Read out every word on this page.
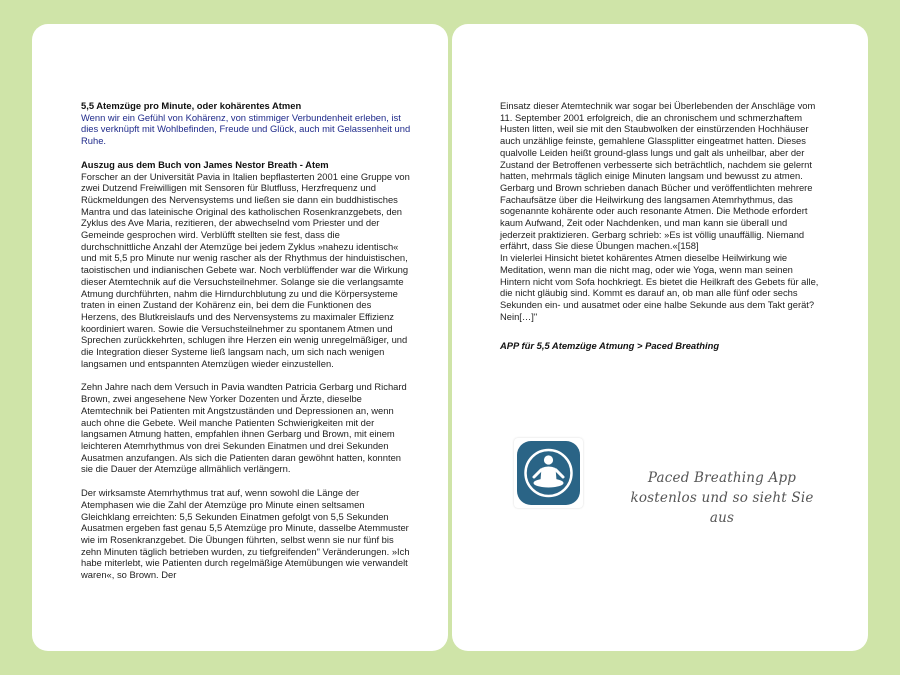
5,5 Atemzüge pro Minute, oder kohärentes Atmen

Wenn wir ein Gefühl von Kohärenz, von stimmiger Verbundenheit erleben, ist dies verknüpft mit Wohlbefinden, Freude und Glück, auch mit Gelassenheit und Ruhe.

Auszug aus dem Buch von James Nestor Breath - Atem

Forscher an der Universität Pavia in Italien bepflasterten 2001 eine Gruppe von zwei Dutzend Freiwilligen mit Sensoren für Blutfluss, Herzfrequenz und Rückmeldungen des Nervensystems und ließen sie dann ein buddhistisches Mantra und das lateinische Original des katholischen Rosenkranzgebets, den Zyklus des Ave Maria, rezitieren, der abwechselnd vom Priester und der Gemeinde gesprochen wird. Verblüfft stellten sie fest, dass die durchschnittliche Anzahl der Atemzüge bei jedem Zyklus »nahezu identisch« und mit 5,5 pro Minute nur wenig rascher als der Rhythmus der hinduistischen, taoistischen und indianischen Gebete war. Noch verblüffender war die Wirkung dieser Atemtechnik auf die Versuchsteilnehmer. Solange sie die verlangsamte Atmung durchführten, nahm die Hirndurchblutung zu und die Körpersysteme traten in einen Zustand der Kohärenz ein, bei dem die Funktionen des Herzens, des Blutkreislaufs und des Nervensystems zu maximaler Effizienz koordiniert waren. Sowie die Versuchsteilnehmer zu spontanem Atmen und Sprechen zurückkehrten, schlugen ihre Herzen ein wenig unregelmäßiger, und die Integration dieser Systeme ließ langsam nach, um sich nach wenigen langsamen und entspannten Atemzügen wieder einzustellen.

Zehn Jahre nach dem Versuch in Pavia wandten Patricia Gerbarg und Richard Brown, zwei angesehene New Yorker Dozenten und Ärzte, dieselbe Atemtechnik bei Patienten mit Angstzuständen und Depressionen an, wenn auch ohne die Gebete. Weil manche Patienten Schwierigkeiten mit der langsamen Atmung hatten, empfahlen ihnen Gerbarg und Brown, mit einem leichteren Atemrhythmus von drei Sekunden Einatmen und drei Sekunden Ausatmen anzufangen. Als sich die Patienten daran gewöhnt hatten, konnten sie die Dauer der Atemzüge allmählich verlängern.

Der wirksamste Atemrhythmus trat auf, wenn sowohl die Länge der Atemphasen wie die Zahl der Atemzüge pro Minute einen seltsamen Gleichklang erreichten: 5,5 Sekunden Einatmen gefolgt von 5,5 Sekunden Ausatmen ergeben fast genau 5,5 Atemzüge pro Minute, dasselbe Atemmuster wie im Rosenkranzgebet. Die Übungen führten, selbst wenn sie nur fünf bis zehn Minuten täglich betrieben wurden, zu tiefgreifenden" Veränderungen. »Ich habe miterlebt, wie Patienten durch regelmäßige Atemübungen wie verwandelt waren«, so Brown. Der

Einsatz dieser Atemtechnik war sogar bei Überlebenden der Anschläge vom 11. September 2001 erfolgreich, die an chronischem und schmerzhaftem Husten litten, weil sie mit den Staubwolken der einstürzenden Hochhäuser auch unzählige feinste, gemahlene Glassplitter eingeatmet hatten. Dieses qualvolle Leiden heißt ground-glass lungs und galt als unheilbar, aber der Zustand der Betroffenen verbesserte sich beträchtlich, nachdem sie gelernt hatten, mehrmals täglich einige Minuten langsam und bewusst zu atmen. Gerbarg und Brown schrieben danach Bücher und veröffentlichten mehrere Fachaufsätze über die Heilwirkung des langsamen Atemrhythmus, das sogenannte kohärente oder auch resonante Atmen. Die Methode erfordert kaum Aufwand, Zeit oder Nachdenken, und man kann sie überall und jederzeit praktizieren. Gerbarg schrieb: »Es ist völlig unauffällig. Niemand erfährt, dass Sie diese Übungen machen.«[158]

In vielerlei Hinsicht bietet kohärentes Atmen dieselbe Heilwirkung wie Meditation, wenn man die nicht mag, oder wie Yoga, wenn man seinen Hintern nicht vom Sofa hochkriegt. Es bietet die Heilkraft des Gebets für alle, die nicht gläubig sind. Kommt es darauf an, ob man alle fünf oder sechs Sekunden ein- und ausatmet oder eine halbe Sekunde aus dem Takt gerät? Nein[…]"

APP für 5,5 Atemzüge Atmung > Paced Breathing
Paced Breathing App
kostenlos und so sieht Sie aus
